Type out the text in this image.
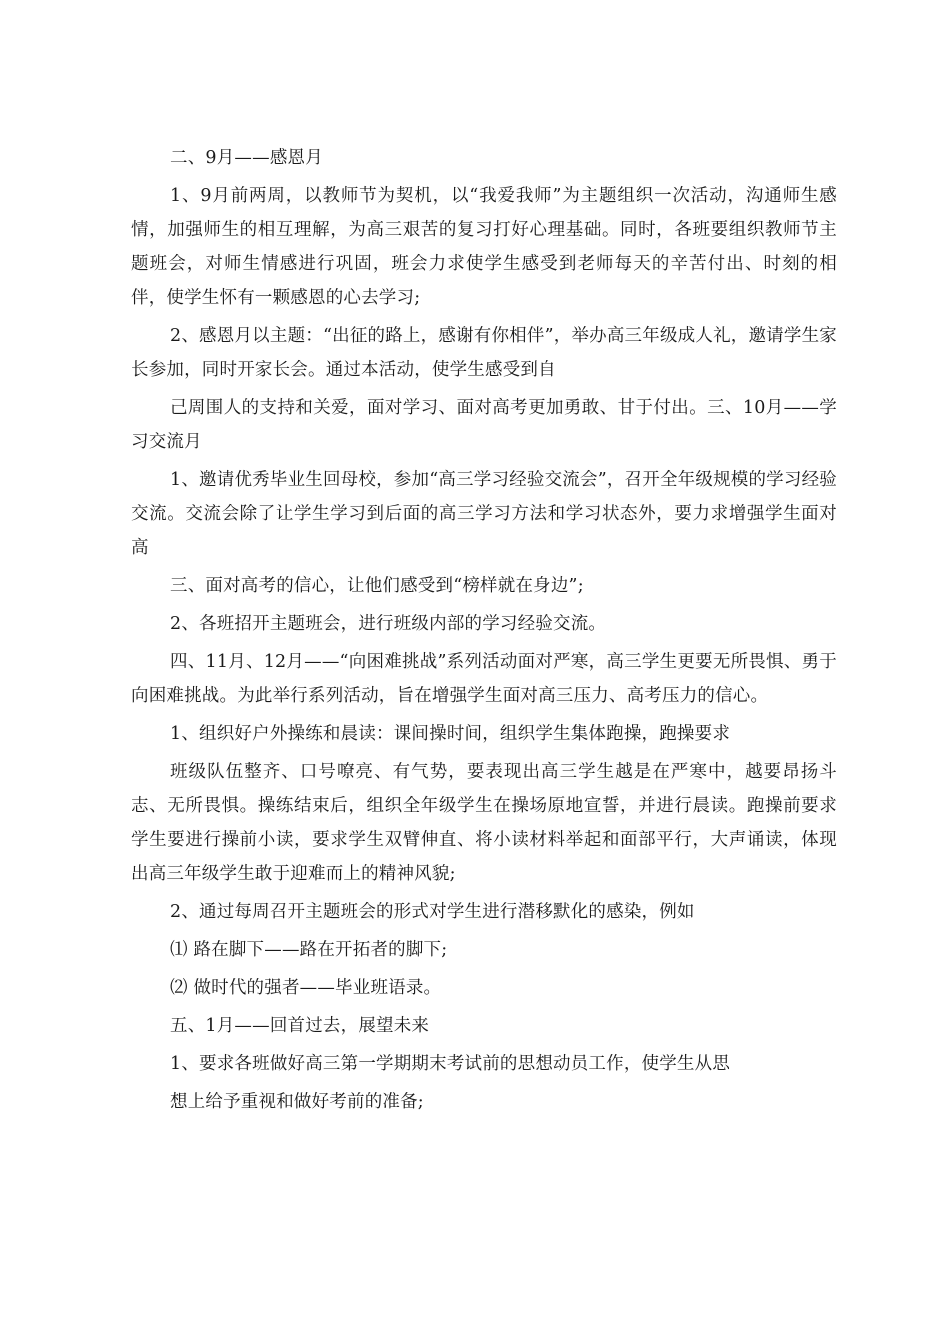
二、9月——感恩月

1、9月前两周，以教师节为契机，以“我爱我师”为主题组织一次活动，沟通师生感情，加强师生的相互理解，为高三艰苦的复习打好心理基础。同时，各班要组织教师节主题班会，对师生情感进行巩固，班会力求使学生感受到老师每天的辛苦付出、时刻的相伴，使学生怀有一颗感恩的心去学习;

2、感恩月以主题：“出征的路上，感谢有你相伴”，举办高三年级成人礼，邀请学生家长参加，同时开家长会。通过本活动，使学生感受到自

己周围人的支持和关爱，面对学习、面对高考更加勇敢、甘于付出。三、10月——学习交流月

1、邀请优秀毕业生回母校，参加“高三学习经验交流会”，召开全年级规模的学习经验交流。交流会除了让学生学习到后面的高三学习方法和学习状态外，要力求增强学生面对高

三、面对高考的信心，让他们感受到“榜样就在身边”;

2、各班招开主题班会，进行班级内部的学习经验交流。

四、11月、12月——“向困难挑战”系列活动面对严寒，高三学生更要无所畏惧、勇于向困难挑战。为此举行系列活动，旨在增强学生面对高三压力、高考压力的信心。

1、组织好户外操练和晨读：课间操时间，组织学生集体跑操，跑操要求

班级队伍整齐、口号嘹亮、有气势，要表现出高三学生越是在严寒中，越要昂扬斗志、无所畏惧。操练结束后，组织全年级学生在操场原地宣誓，并进行晨读。跑操前要求学生要进行操前小读，要求学生双臂伸直、将小读材料举起和面部平行，大声诵读，体现出高三年级学生敢于迎难而上的精神风貌;

2、通过每周召开主题班会的形式对学生进行潜移默化的感染，例如

⑴ 路在脚下——路在开拓者的脚下;

⑵ 做时代的强者——毕业班语录。

五、1月——回首过去，展望未来

1、要求各班做好高三第一学期期末考试前的思想动员工作，使学生从思

想上给予重视和做好考前的准备;
